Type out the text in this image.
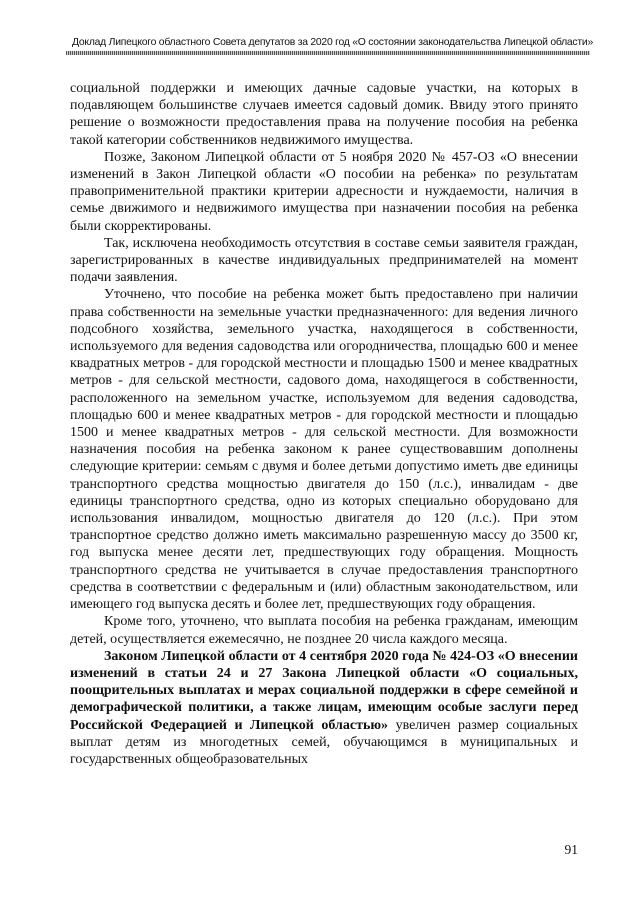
Доклад Липецкого областного Совета депутатов за 2020 год «О состоянии законодательства Липецкой области»

социальной поддержки и имеющих дачные садовые участки, на которых в подавляющем большинстве случаев имеется садовый домик. Ввиду этого принято решение о возможности предоставления права на получение пособия на ребенка такой категории собственников недвижимого имущества.

Позже, Законом Липецкой области от 5 ноября 2020 № 457-ОЗ «О внесении изменений в Закон Липецкой области «О пособии на ребенка» по результатам правоприменительной практики критерии адресности и нуждаемости, наличия в семье движимого и недвижимого имущества при назначении пособия на ребенка были скорректированы.

Так, исключена необходимость отсутствия в составе семьи заявителя граждан, зарегистрированных в качестве индивидуальных предпринимателей на момент подачи заявления.

Уточнено, что пособие на ребенка может быть предоставлено при наличии права собственности на земельные участки предназначенного: для ведения личного подсобного хозяйства, земельного участка, находящегося в собственности, используемого для ведения садоводства или огородничества, площадью 600 и менее квадратных метров - для городской местности и площадью 1500 и менее квадратных метров - для сельской местности, садового дома, находящегося в собственности, расположенного на земельном участке, используемом для ведения садоводства, площадью 600 и менее квадратных метров - для городской местности и площадью 1500 и менее квадратных метров - для сельской местности. Для возможности назначения пособия на ребенка законом к ранее существовавшим дополнены следующие критерии: семьям с двумя и более детьми допустимо иметь две единицы транспортного средства мощностью двигателя до 150 (л.с.), инвалидам - две единицы транспортного средства, одно из которых специально оборудовано для использования инвалидом, мощностью двигателя до 120 (л.с.). При этом транспортное средство должно иметь максимально разрешенную массу до 3500 кг, год выпуска менее десяти лет, предшествующих году обращения. Мощность транспортного средства не учитывается в случае предоставления транспортного средства в соответствии с федеральным и (или) областным законодательством, или имеющего год выпуска десять и более лет, предшествующих году обращения.

Кроме того, уточнено, что выплата пособия на ребенка гражданам, имеющим детей, осуществляется ежемесячно, не позднее 20 числа каждого месяца.

Законом Липецкой области от 4 сентября 2020 года № 424-ОЗ «О внесении изменений в статьи 24 и 27 Закона Липецкой области «О социальных, поощрительных выплатах и мерах социальной поддержки в сфере семейной и демографической политики, а также лицам, имеющим особые заслуги перед Российской Федерацией и Липецкой областью» увеличен размер социальных выплат детям из многодетных семей, обучающимся в муниципальных и государственных общеобразовательных

91
